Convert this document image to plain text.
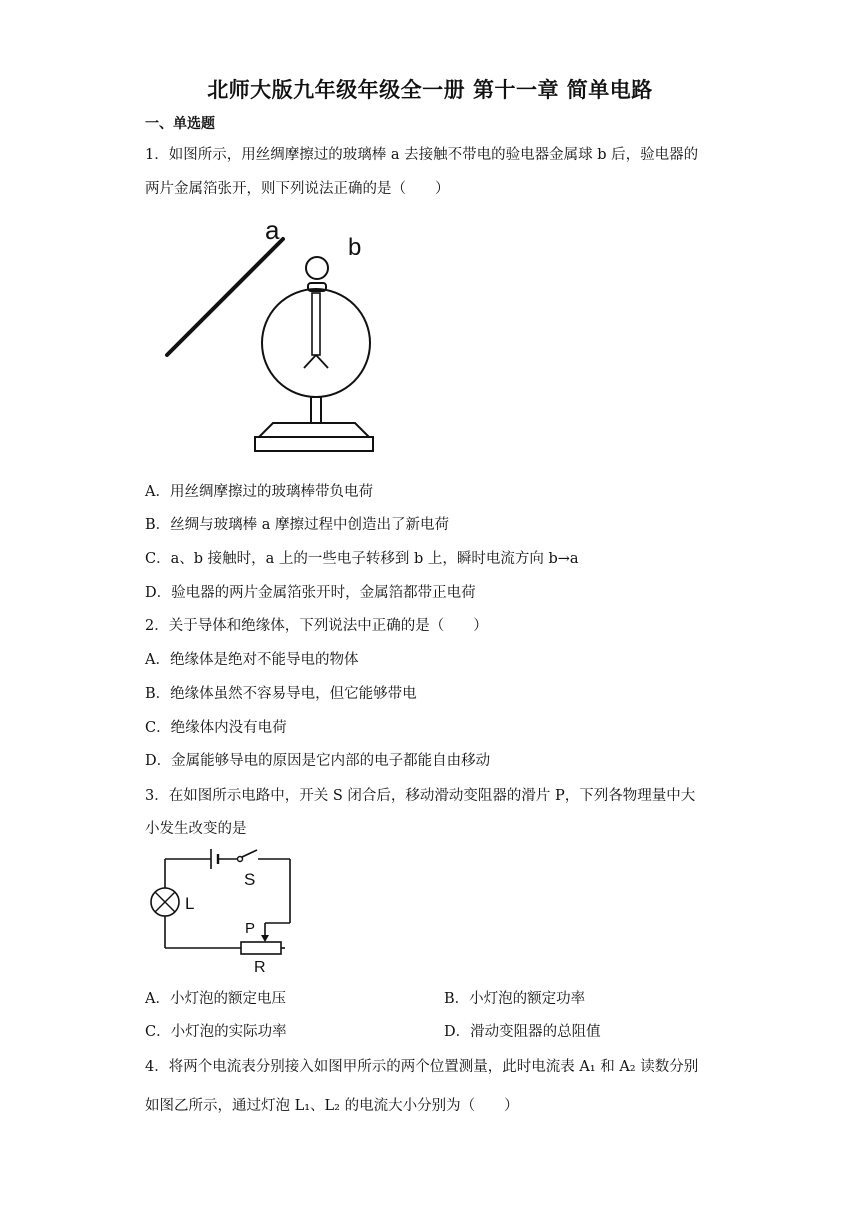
北师大版九年级年级全一册 第十一章 简单电路
一、单选题
1．如图所示，用丝绸摩擦过的玻璃棒 a 去接触不带电的验电器金属球 b 后，验电器的
两片金属箔张开，则下列说法正确的是（　　）
a
b
A．用丝绸摩擦过的玻璃棒带负电荷
B．丝绸与玻璃棒 a 摩擦过程中创造出了新电荷
C．a、b 接触时，a 上的一些电子转移到 b 上，瞬时电流方向 b→a
D．验电器的两片金属箔张开时，金属箔都带正电荷
2．关于导体和绝缘体，下列说法中正确的是（　　）
A．绝缘体是绝对不能导电的物体
B．绝缘体虽然不容易导电，但它能够带电
C．绝缘体内没有电荷
D．金属能够导电的原因是它内部的电子都能自由移动
3．在如图所示电路中，开关 S 闭合后，移动滑动变阻器的滑片 P，下列各物理量中大
小发生改变的是
S
L
P
R
A．小灯泡的额定电压	B．小灯泡的额定功率
C．小灯泡的实际功率	D．滑动变阻器的总阻值
4．将两个电流表分别接入如图甲所示的两个位置测量，此时电流表 A₁ 和 A₂ 读数分别
如图乙所示，通过灯泡 L₁、L₂ 的电流大小分别为（　　）
